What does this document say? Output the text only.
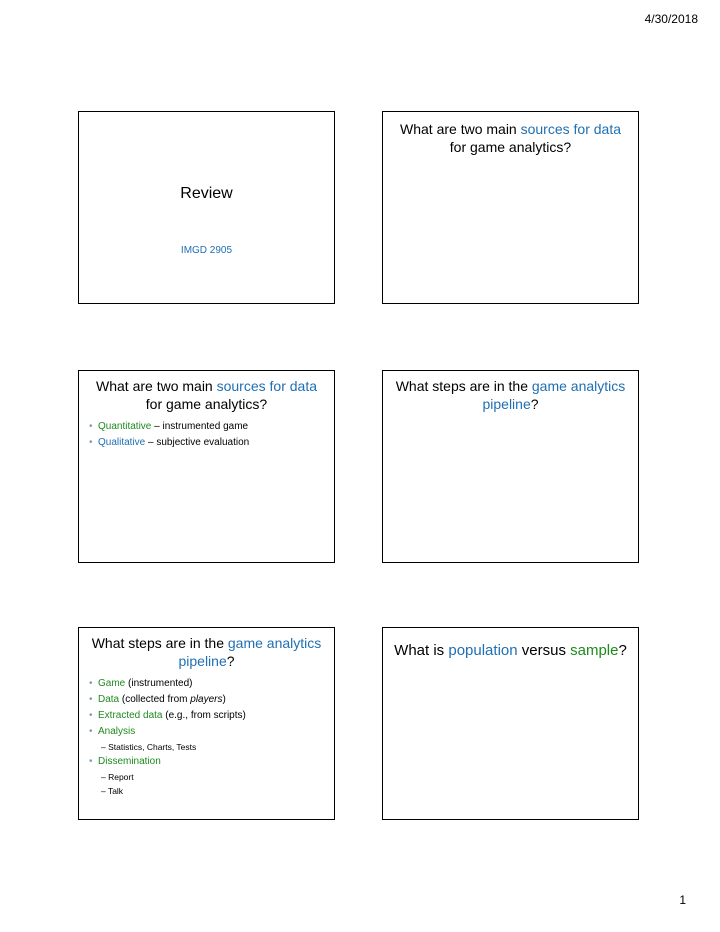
4/30/2018
Review
IMGD 2905
What are two main sources for data
for game analytics?
What are two main sources for data
for game analytics?
• Quantitative – instrumented game
• Qualitative – subjective evaluation
What steps are in the game analytics
pipeline?
What steps are in the game analytics
pipeline?
• Game (instrumented)
• Data (collected from players)
• Extracted data (e.g., from scripts)
• Analysis
– Statistics, Charts, Tests
• Dissemination
– Report
– Talk
What is population versus sample?
1
